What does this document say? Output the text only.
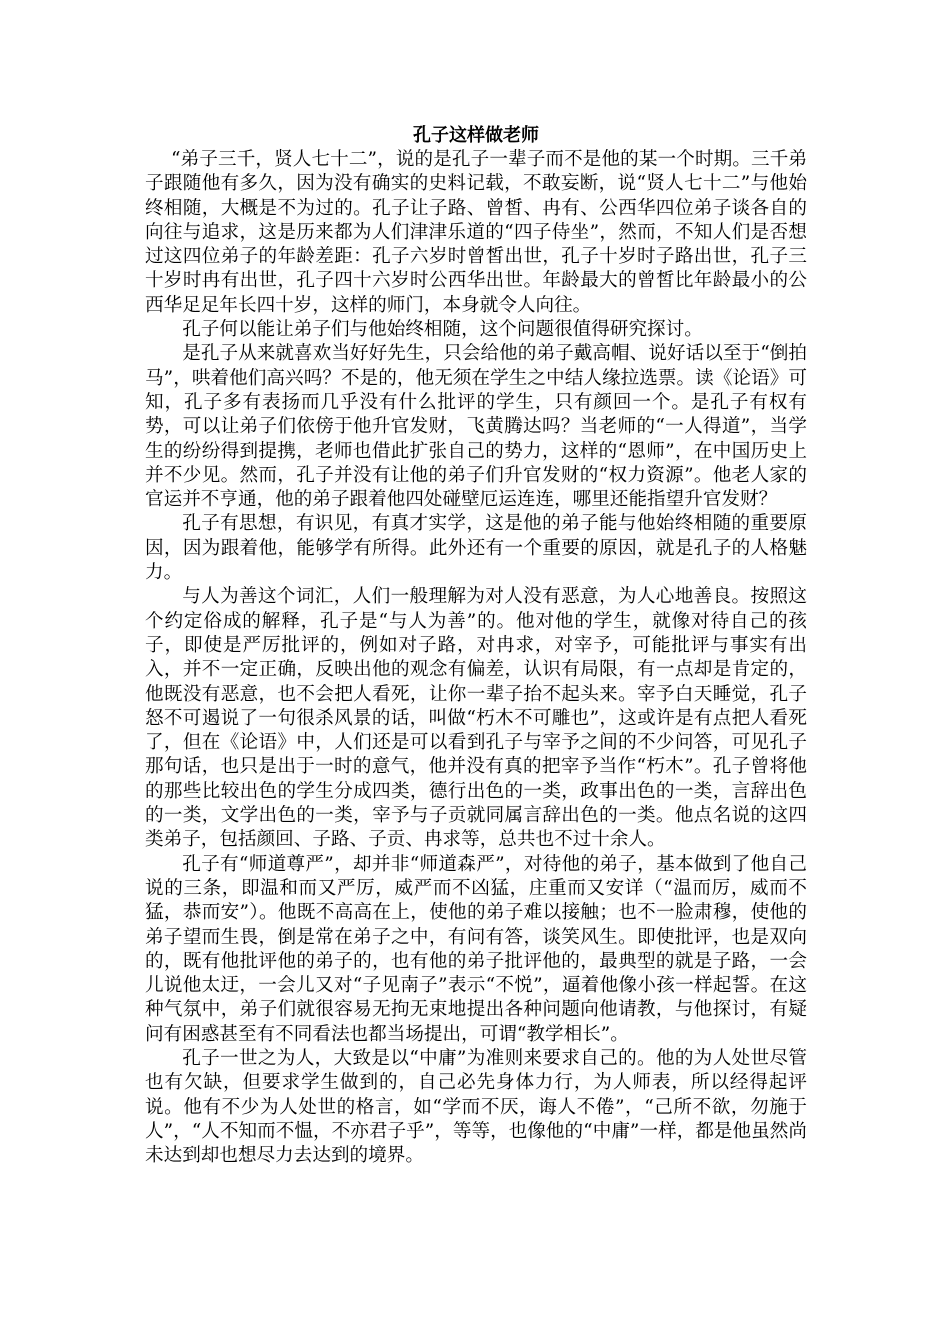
孔子这样做老师

“弟子三千，贤人七十二”，说的是孔子一辈子而不是他的某一个时期。三千弟子跟随他有多久，因为没有确实的史料记载，不敢妄断，说“贤人七十二”与他始终相随，大概是不为过的。孔子让子路、曾皙、冉有、公西华四位弟子谈各自的向往与追求，这是历来都为人们津津乐道的“四子侍坐”，然而，不知人们是否想过这四位弟子的年龄差距：孔子六岁时曾皙出世，孔子十岁时子路出世，孔子三十岁时冉有出世，孔子四十六岁时公西华出世。年龄最大的曾皙比年龄最小的公西华足足年长四十岁，这样的师门，本身就令人向往。

孔子何以能让弟子们与他始终相随，这个问题很值得研究探讨。

是孔子从来就喜欢当好好先生，只会给他的弟子戴高帽、说好话以至于“倒拍马”，哄着他们高兴吗？不是的，他无须在学生之中结人缘拉选票。读《论语》可知，孔子多有表扬而几乎没有什么批评的学生，只有颜回一个。是孔子有权有势，可以让弟子们依傍于他升官发财，飞黄腾达吗？当老师的“一人得道”，当学生的纷纷得到提携，老师也借此扩张自己的势力，这样的“恩师”，在中国历史上并不少见。然而，孔子并没有让他的弟子们升官发财的“权力资源”。他老人家的官运并不亨通，他的弟子跟着他四处碰壁厄运连连，哪里还能指望升官发财？

孔子有思想，有识见，有真才实学，这是他的弟子能与他始终相随的重要原因，因为跟着他，能够学有所得。此外还有一个重要的原因，就是孔子的人格魅力。

与人为善这个词汇，人们一般理解为对人没有恶意，为人心地善良。按照这个约定俗成的解释，孔子是“与人为善”的。他对他的学生，就像对待自己的孩子，即使是严厉批评的，例如对子路，对冉求，对宰予，可能批评与事实有出入，并不一定正确，反映出他的观念有偏差，认识有局限，有一点却是肯定的，他既没有恶意，也不会把人看死，让你一辈子抬不起头来。宰予白天睡觉，孔子怒不可遏说了一句很杀风景的话，叫做“朽木不可雕也”，这或许是有点把人看死了，但在《论语》中，人们还是可以看到孔子与宰予之间的不少问答，可见孔子那句话，也只是出于一时的意气，他并没有真的把宰予当作“朽木”。孔子曾将他的那些比较出色的学生分成四类，德行出色的一类，政事出色的一类，言辞出色的一类，文学出色的一类，宰予与子贡就同属言辞出色的一类。他点名说的这四类弟子，包括颜回、子路、子贡、冉求等，总共也不过十余人。

孔子有“师道尊严”，却并非“师道森严”，对待他的弟子，基本做到了他自己说的三条，即温和而又严厉，威严而不凶猛，庄重而又安详（“温而厉，威而不猛，恭而安”）。他既不高高在上，使他的弟子难以接触；也不一脸肃穆，使他的弟子望而生畏，倒是常在弟子之中，有问有答，谈笑风生。即使批评，也是双向的，既有他批评他的弟子的，也有他的弟子批评他的，最典型的就是子路，一会儿说他太迂，一会儿又对“子见南子”表示“不悦”，逼着他像小孩一样起誓。在这种气氛中，弟子们就很容易无拘无束地提出各种问题向他请教，与他探讨，有疑问有困惑甚至有不同看法也都当场提出，可谓“教学相长”。

孔子一世之为人，大致是以“中庸”为准则来要求自己的。他的为人处世尽管也有欠缺，但要求学生做到的，自己必先身体力行，为人师表，所以经得起评说。他有不少为人处世的格言，如“学而不厌，诲人不倦”，“己所不欲，勿施于人”，“人不知而不愠，不亦君子乎”，等等，也像他的“中庸”一样，都是他虽然尚未达到却也想尽力去达到的境界。
